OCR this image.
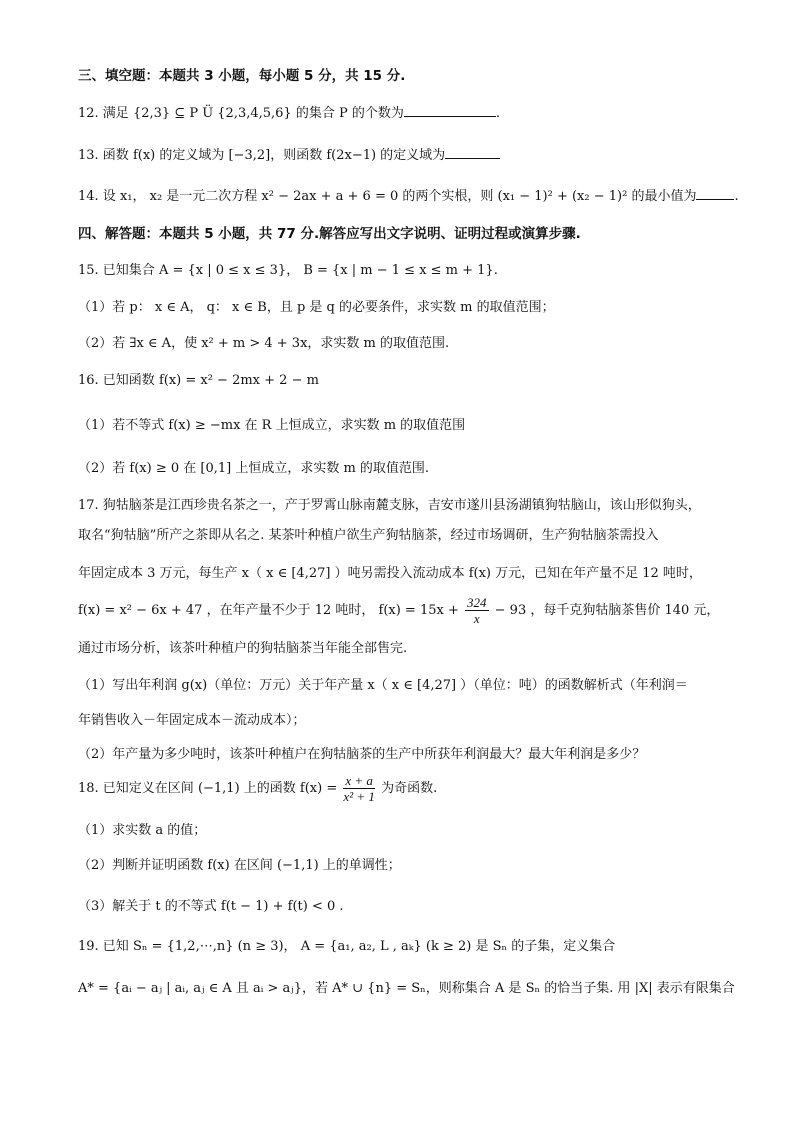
三、填空题：本题共 3 小题，每小题 5 分，共 15 分.
12. 满足 {2,3} ⊆ P Ü {2,3,4,5,6} 的集合 P 的个数为	.
13. 函数 f(x) 的定义域为 [−3,2]，则函数 f(2x−1) 的定义域为
14. 设 x₁， x₂ 是一元二次方程 x² − 2ax + a + 6 = 0 的两个实根，则 (x₁ − 1)² + (x₂ − 1)² 的最小值为	.
四、解答题：本题共 5 小题，共 77 分.解答应写出文字说明、证明过程或演算步骤.
15. 已知集合 A = {x | 0 ≤ x ≤ 3}， B = {x | m − 1 ≤ x ≤ m + 1}.
（1）若 p： x ∈ A， q： x ∈ B，且 p 是 q 的必要条件，求实数 m 的取值范围；
（2）若 ∃x ∈ A，使 x² + m > 4 + 3x，求实数 m 的取值范围.
16. 已知函数 f(x) = x² − 2mx + 2 − m
（1）若不等式 f(x) ≥ −mx 在 R 上恒成立，求实数 m 的取值范围
（2）若 f(x) ≥ 0 在 [0,1] 上恒成立，求实数 m 的取值范围.
17. 狗牯脑茶是江西珍贵名茶之一，产于罗霄山脉南麓支脉，吉安市遂川县汤湖镇狗牯脑山，该山形似狗头，
取名“狗牯脑”所产之茶即从名之. 某茶叶种植户欲生产狗牯脑茶，经过市场调研，生产狗牯脑茶需投入
年固定成本 3 万元，每生产 x（ x ∈ [4,27] ）吨另需投入流动成本 f(x) 万元，已知在年产量不足 12 吨时，
f(x) = x² − 6x + 47 ，在年产量不少于 12 吨时， $f(x) = 15x + \frac{324}{x} - 93$ ，每千克狗牯脑茶售价 140 元，
通过市场分析，该茶叶种植户的狗牯脑茶当年能全部售完.
（1）写出年利润 g(x)（单位：万元）关于年产量 x（ x ∈ [4,27] ）（单位：吨）的函数解析式（年利润＝
年销售收入－年固定成本－流动成本）；
（2）年产量为多少吨时，该茶叶种植户在狗牯脑茶的生产中所获年利润最大？最大年利润是多少？
18. 已知定义在区间 (−1,1) 上的函数 $f(x) = \frac{x + a}{\text{x² + 1}}$ 为奇函数.
（1）求实数 a 的值；
（2）判断并证明函数 f(x) 在区间 (−1,1) 上的单调性；
（3）解关于 t 的不等式 f(t − 1) + f(t) < 0 .
19. 已知 Sₙ = {1,2,⋯,n} (n ≥ 3)， A = {a₁, a₂, L , aₖ} (k ≥ 2) 是 Sₙ 的子集，定义集合
A* = {aᵢ − aⱼ | aᵢ, aⱼ ∈ A 且 aᵢ > aⱼ}，若 A* ∪ {n} = Sₙ，则称集合 A 是 Sₙ 的恰当子集. 用 |X| 表示有限集合
